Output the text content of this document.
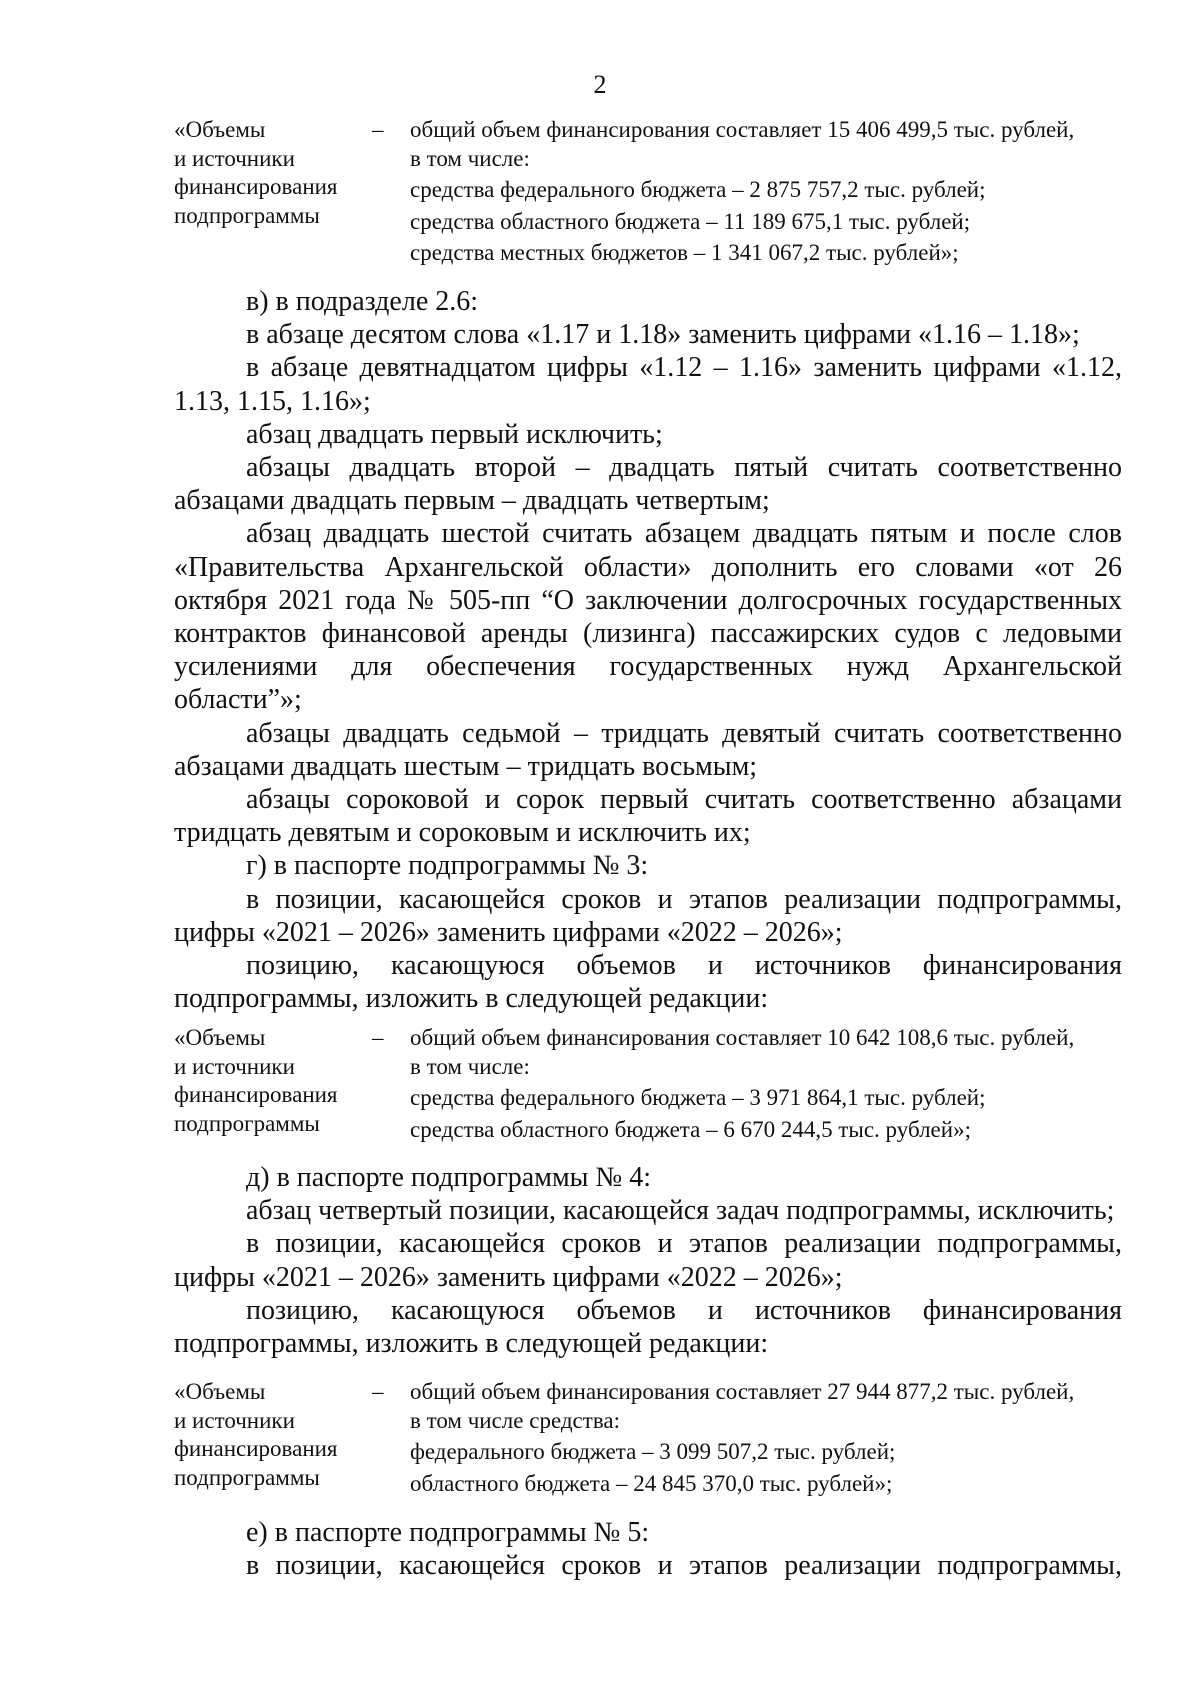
2
«Объемы
и источники
финансирования
подпрограммы
– общий объем финансирования составляет 15 406 499,5 тыс. рублей,
в том числе:
средства федерального бюджета – 2 875 757,2 тыс. рублей;
средства областного бюджета – 11 189 675,1 тыс. рублей;
средства местных бюджетов – 1 341 067,2 тыс. рублей»;

в) в подразделе 2.6:

в абзаце десятом слова «1.17 и 1.18» заменить цифрами «1.16 – 1.18»;

в абзаце девятнадцатом цифры «1.12 – 1.16» заменить цифрами «1.12, 1.13, 1.15, 1.16»;

абзац двадцать первый исключить;

абзацы двадцать второй – двадцать пятый считать соответственно абзацами двадцать первым – двадцать четвертым;

абзац двадцать шестой считать абзацем двадцать пятым и после слов «Правительства Архангельской области» дополнить его словами «от 26 октября 2021 года № 505-пп “О заключении долгосрочных государственных контрактов финансовой аренды (лизинга) пассажирских судов с ледовыми усилениями для обеспечения государственных нужд Архангельской области”»;

абзацы двадцать седьмой – тридцать девятый считать соответственно абзацами двадцать шестым – тридцать восьмым;

абзацы сороковой и сорок первый считать соответственно абзацами тридцать девятым и сороковым и исключить их;

г) в паспорте подпрограммы № 3:

в позиции, касающейся сроков и этапов реализации подпрограммы, цифры «2021 – 2026» заменить цифрами «2022 – 2026»;

позицию, касающуюся объемов и источников финансирования подпрограммы, изложить в следующей редакции:

«Объемы
и источники
финансирования
подпрограммы
– общий объем финансирования составляет 10 642 108,6 тыс. рублей,
в том числе:
средства федерального бюджета – 3 971 864,1 тыс. рублей;
средства областного бюджета – 6 670 244,5 тыс. рублей»;

д) в паспорте подпрограммы № 4:

абзац четвертый позиции, касающейся задач подпрограммы, исключить;

в позиции, касающейся сроков и этапов реализации подпрограммы, цифры «2021 – 2026» заменить цифрами «2022 – 2026»;

позицию, касающуюся объемов и источников финансирования подпрограммы, изложить в следующей редакции:

«Объемы
и источники
финансирования
подпрограммы
– общий объем финансирования составляет 27 944 877,2 тыс. рублей,
в том числе средства:
федерального бюджета – 3 099 507,2 тыс. рублей;
областного бюджета – 24 845 370,0 тыс. рублей»;

е) в паспорте подпрограммы № 5:

в позиции, касающейся сроков и этапов реализации подпрограммы,
